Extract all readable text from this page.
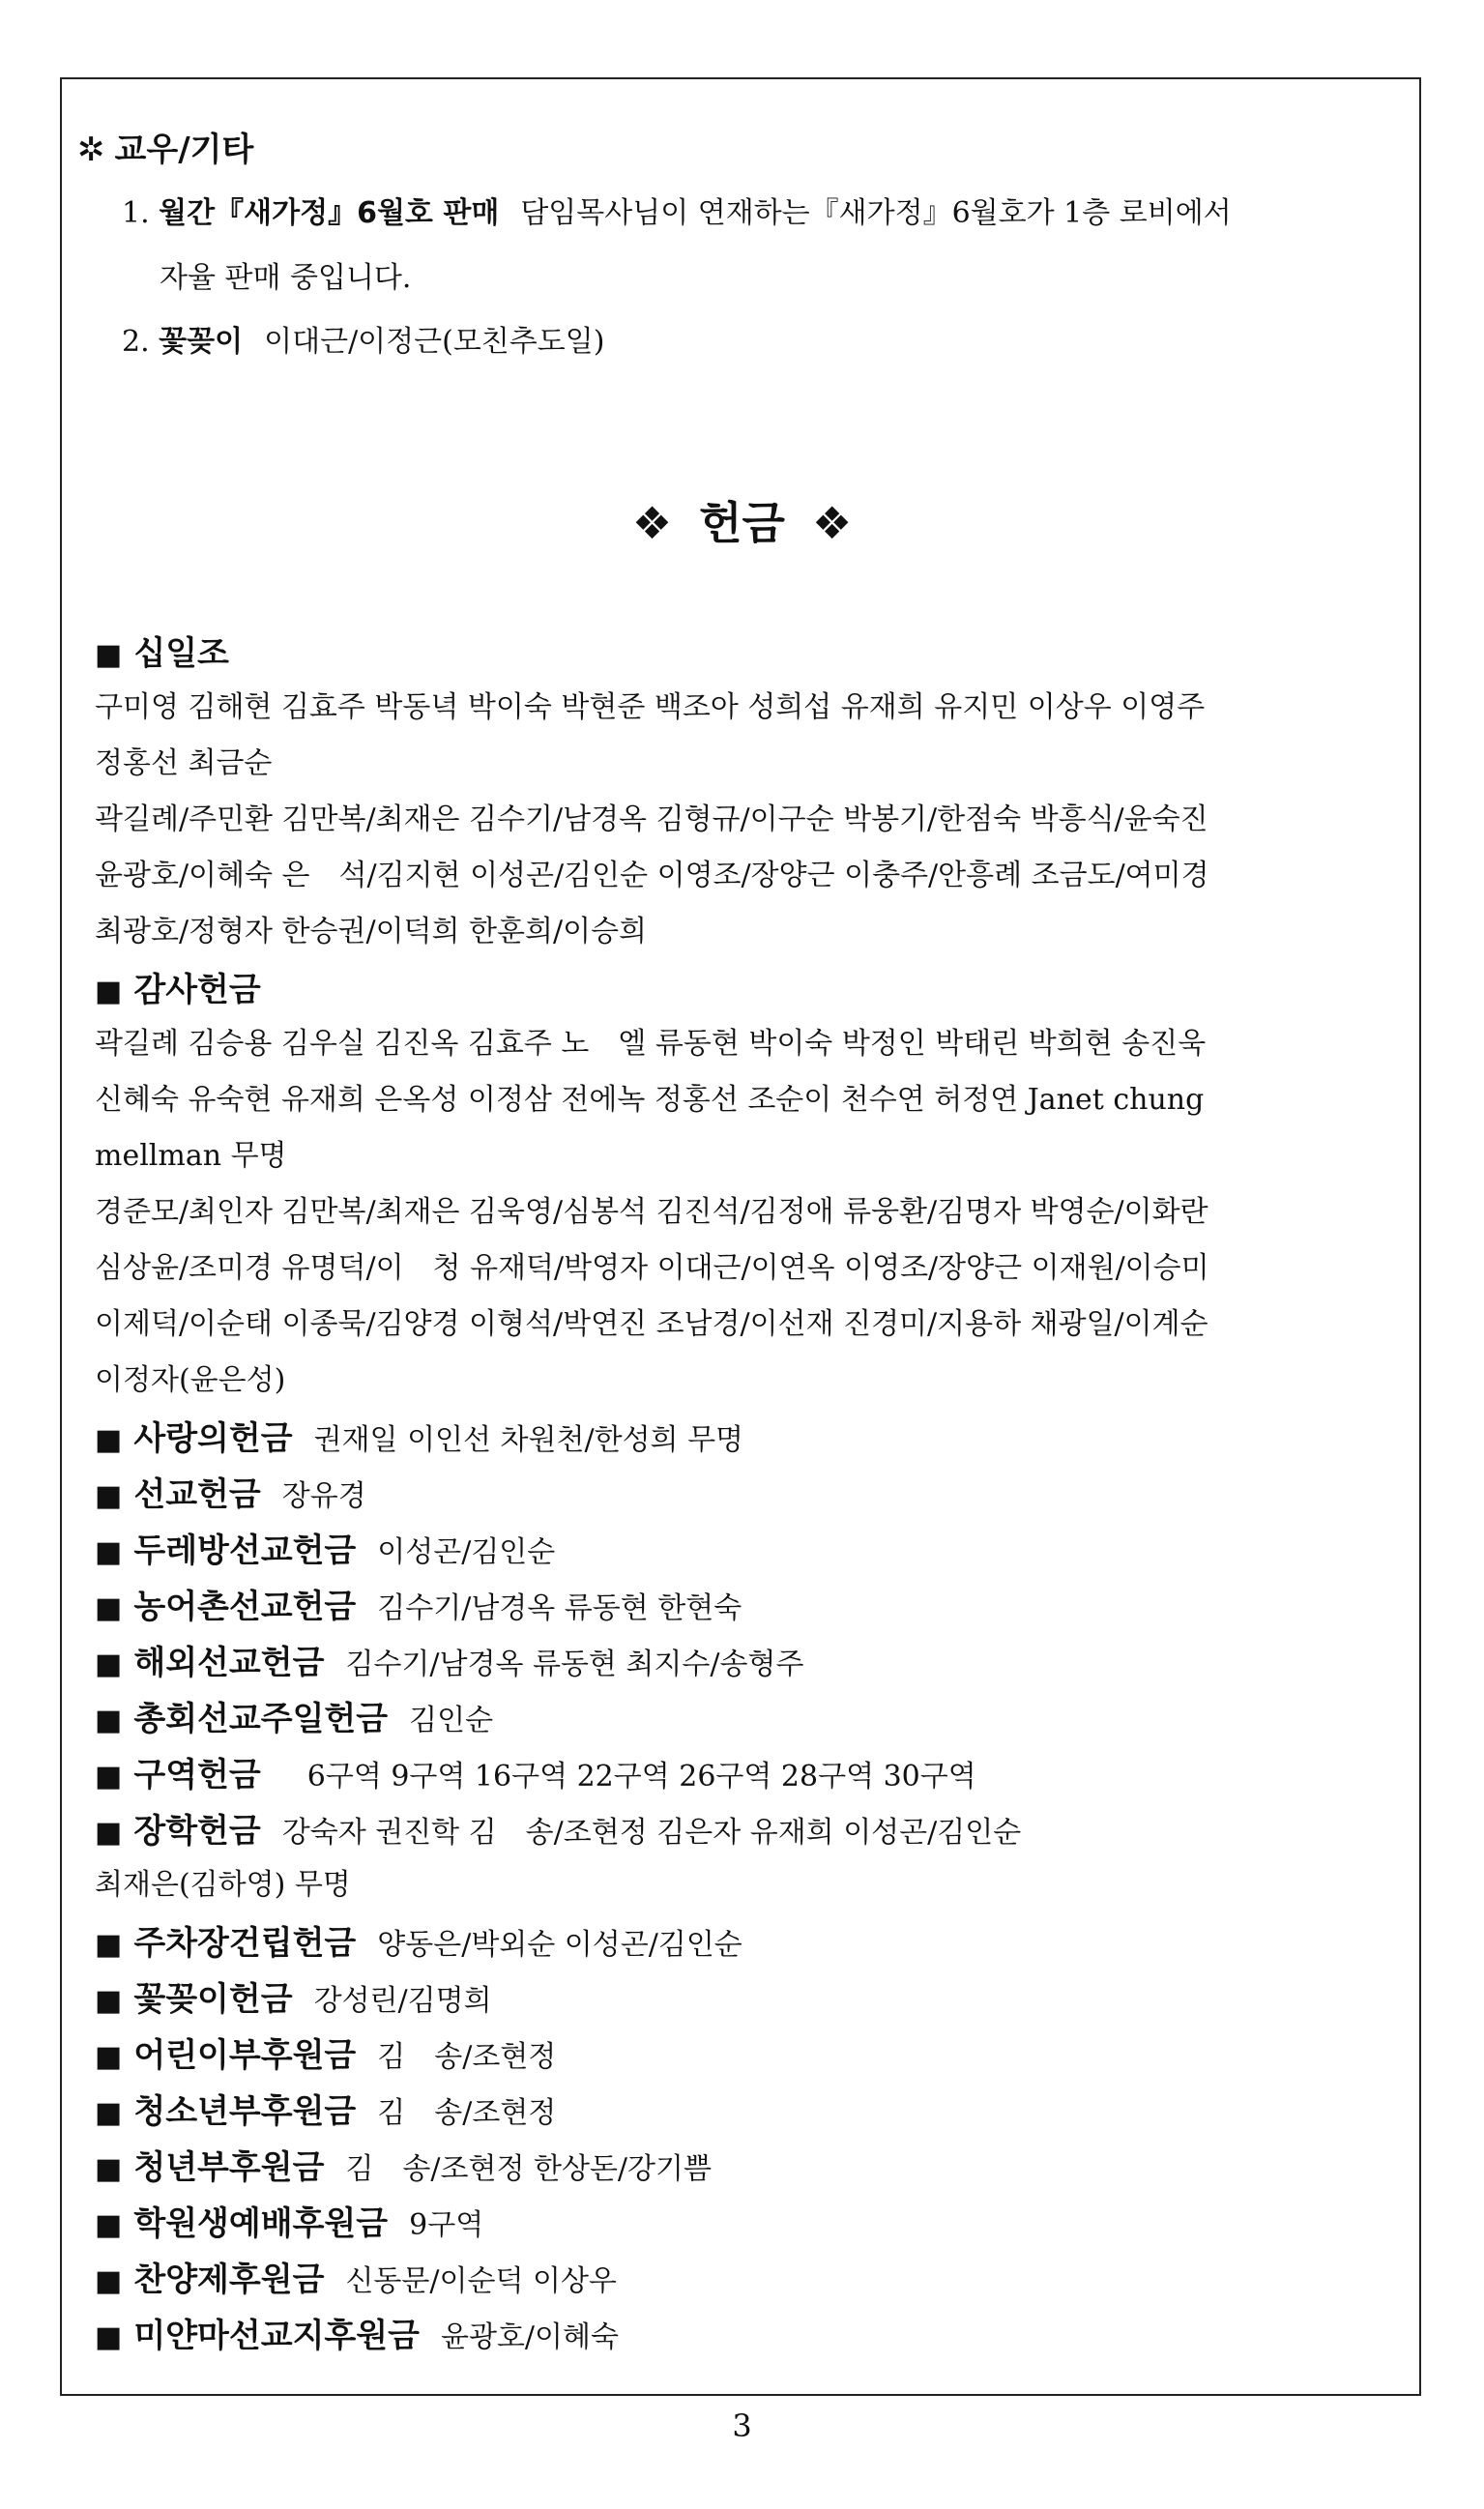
✲ 교우/기타
1. 월간『새가정』6월호 판매 담임목사님이 연재하는『새가정』6월호가 1층 로비에서
자율 판매 중입니다.
2. 꽃꽂이 이대근/이정근(모친추도일)
❖ 헌금 ❖
■ 십일조
구미영 김해현 김효주 박동녁 박이숙 박현준 백조아 성희섭 유재희 유지민 이상우 이영주
정홍선 최금순
곽길례/주민환 김만복/최재은 김수기/남경옥 김형규/이구순 박봉기/한점숙 박흥식/윤숙진
윤광호/이혜숙 은　석/김지현 이성곤/김인순 이영조/장양근 이충주/안흥례 조금도/여미경
최광호/정형자 한승권/이덕희 한훈희/이승희
■ 감사헌금
곽길례 김승용 김우실 김진옥 김효주 노　엘 류동현 박이숙 박정인 박태린 박희현 송진욱
신혜숙 유숙현 유재희 은옥성 이정삼 전에녹 정홍선 조순이 천수연 허정연 Janet chung
mellman 무명
경준모/최인자 김만복/최재은 김욱영/심봉석 김진석/김정애 류웅환/김명자 박영순/이화란
심상윤/조미경 유명덕/이　청 유재덕/박영자 이대근/이연옥 이영조/장양근 이재원/이승미
이제덕/이순태 이종묵/김양경 이형석/박연진 조남경/이선재 진경미/지용하 채광일/이계순
이정자(윤은성)
■ 사랑의헌금 권재일 이인선 차원천/한성희 무명
■ 선교헌금 장유경
■ 두레방선교헌금 이성곤/김인순
■ 농어촌선교헌금 김수기/남경옥 류동현 한현숙
■ 해외선교헌금 김수기/남경옥 류동현 최지수/송형주
■ 총회선교주일헌금 김인순
■ 구역헌금 6구역 9구역 16구역 22구역 26구역 28구역 30구역
■ 장학헌금 강숙자 권진학 김　송/조현정 김은자 유재희 이성곤/김인순
최재은(김하영) 무명
■ 주차장건립헌금 양동은/박외순 이성곤/김인순
■ 꽃꽂이헌금 강성린/김명희
■ 어린이부후원금 김　송/조현정
■ 청소년부후원금 김　송/조현정
■ 청년부후원금 김　송/조현정 한상돈/강기쁨
■ 학원생예배후원금 9구역
■ 찬양제후원금 신동문/이순덕 이상우
■ 미얀마선교지후원금 윤광호/이혜숙
3
